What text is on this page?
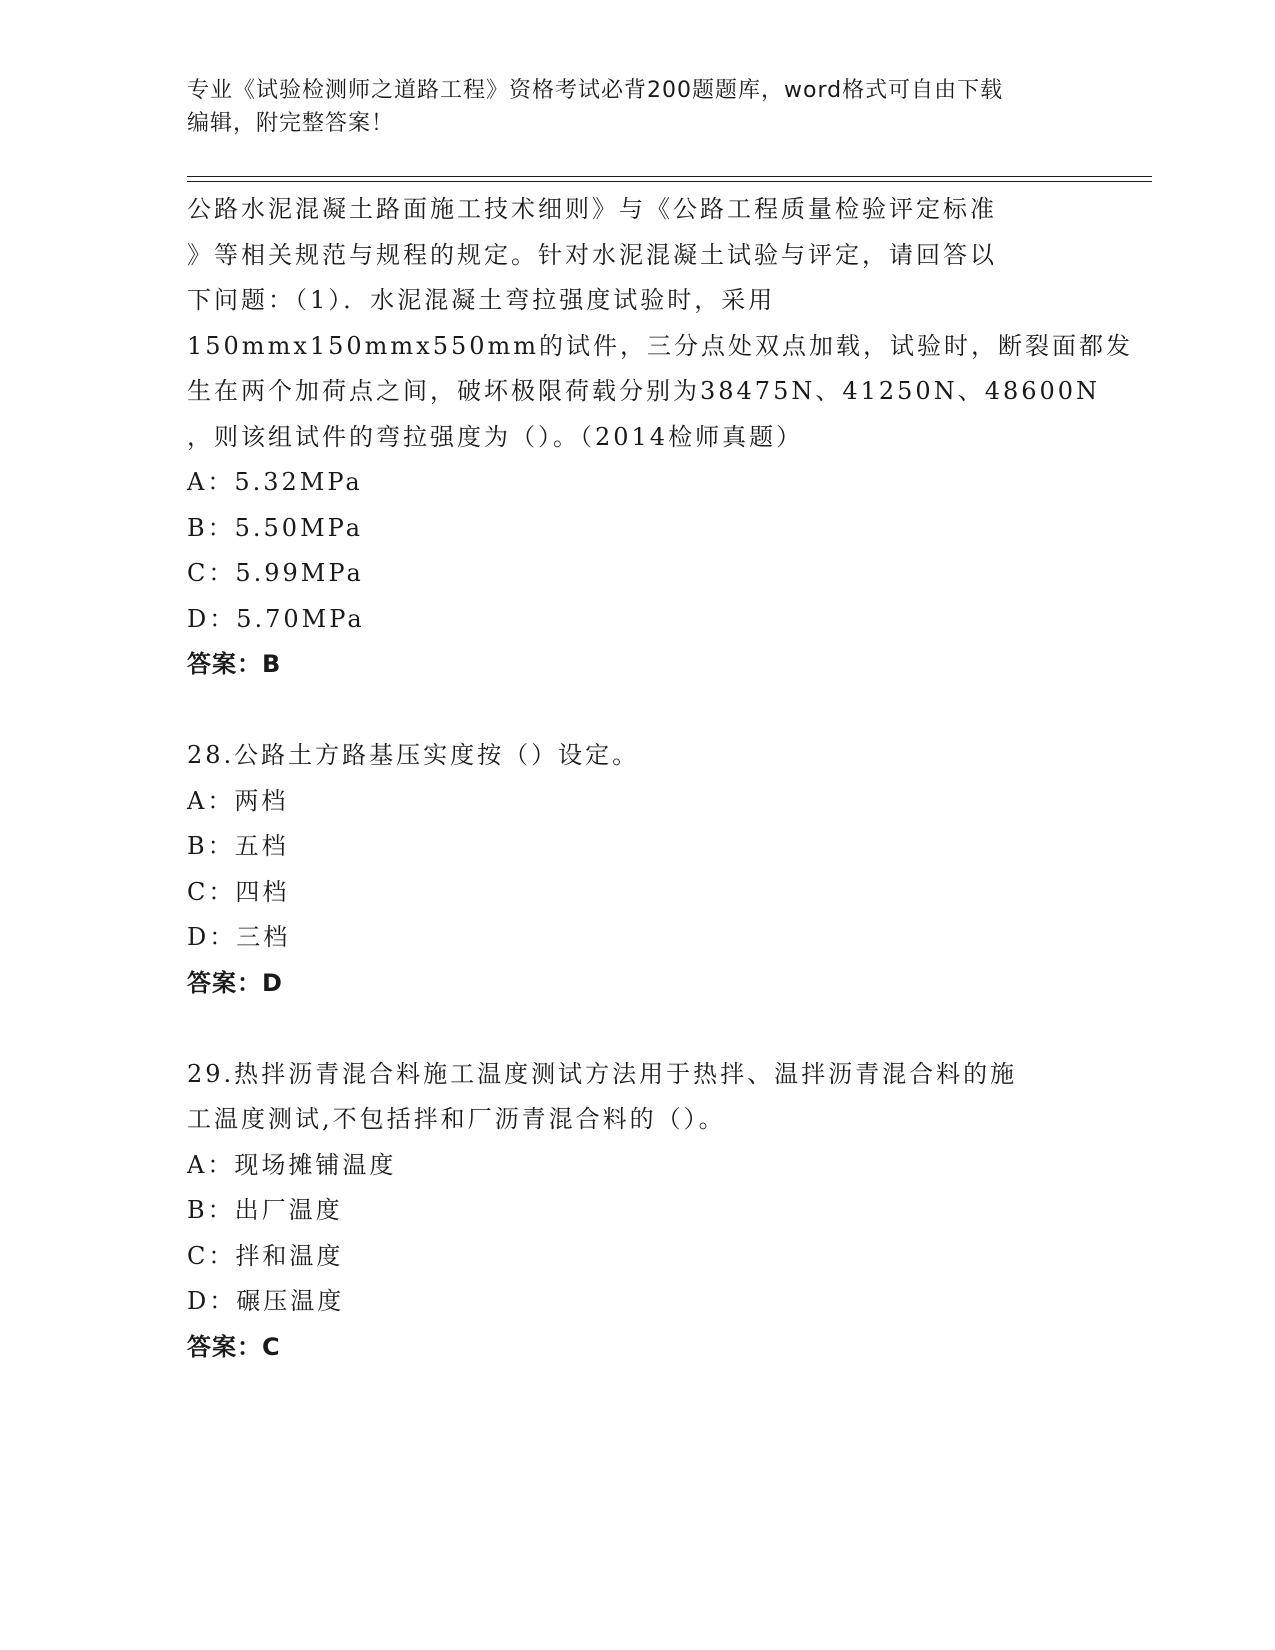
专业《试验检测师之道路工程》资格考试必背200题题库，word格式可自由下载
编辑，附完整答案！
公路水泥混凝土路面施工技术细则》与《公路工程质量检验评定标准
》等相关规范与规程的规定。针对水泥混凝土试验与评定，请回答以
下问题：（1）．水泥混凝土弯拉强度试验时，采用
150mmx150mmx550mm的试件，三分点处双点加载，试验时，断裂面都发
生在两个加荷点之间，破坏极限荷载分别为38475N、41250N、48600N
，则该组试件的弯拉强度为（）。（2014检师真题）
A：5.32MPa
B：5.50MPa
C：5.99MPa
D：5.70MPa
答案：B
28.公路土方路基压实度按（）设定。
A：两档
B：五档
C：四档
D：三档
答案：D
29.热拌沥青混合料施工温度测试方法用于热拌、温拌沥青混合料的施
工温度测试,不包括拌和厂沥青混合料的（）。
A：现场摊铺温度
B：出厂温度
C：拌和温度
D：碾压温度
答案：C
